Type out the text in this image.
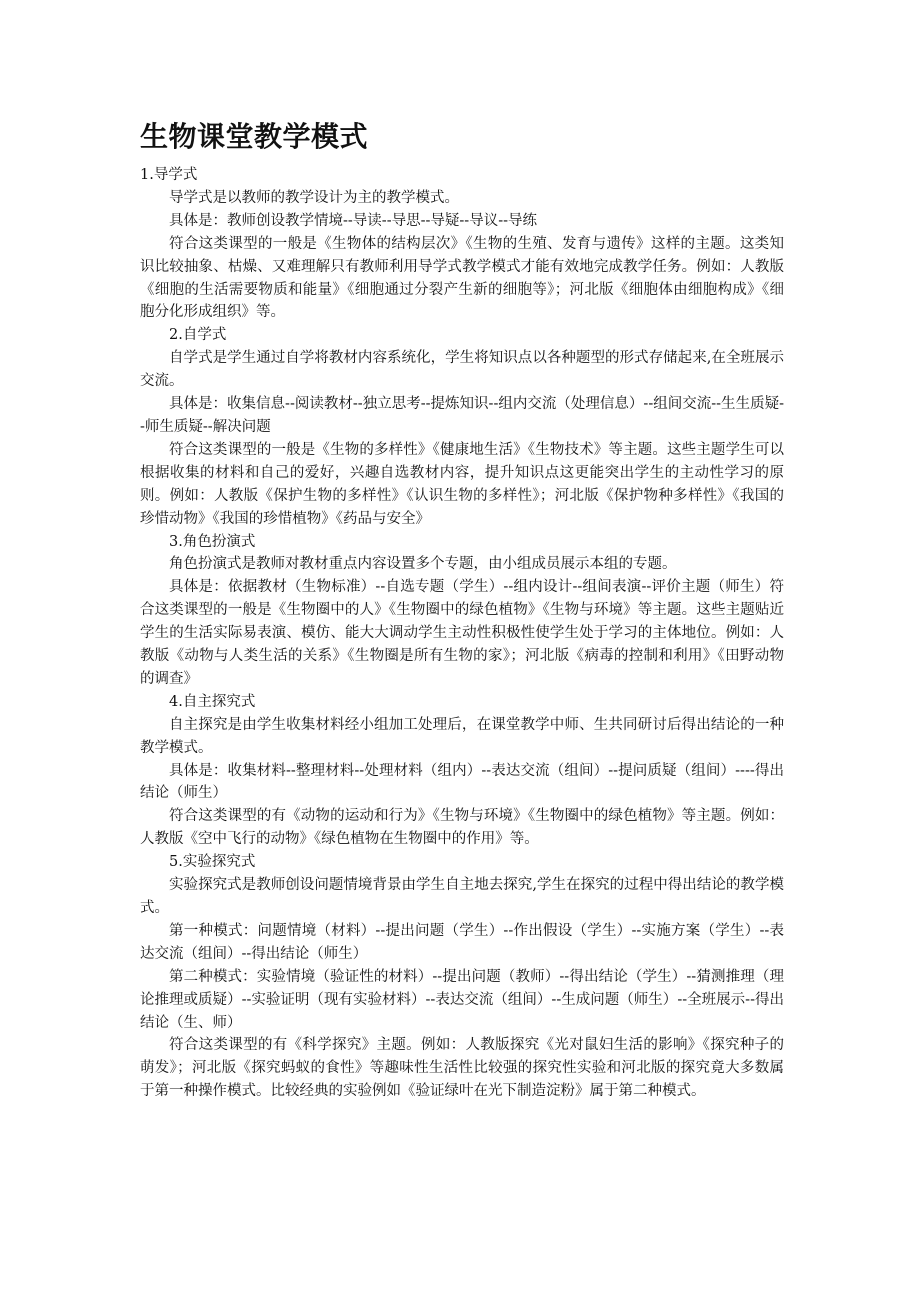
生物课堂教学模式

1.导学式

导学式是以教师的教学设计为主的教学模式。

具体是：教师创设教学情境--导读--导思--导疑--导议--导练

符合这类课型的一般是《生物体的结构层次》《生物的生殖、发育与遗传》这样的主题。这类知识比较抽象、枯燥、又难理解只有教师利用导学式教学模式才能有效地完成教学任务。例如：人教版《细胞的生活需要物质和能量》《细胞通过分裂产生新的细胞等》；河北版《细胞体由细胞构成》《细胞分化形成组织》等。

2.自学式

自学式是学生通过自学将教材内容系统化，学生将知识点以各种题型的形式存储起来,在全班展示交流。

具体是：收集信息--阅读教材--独立思考--提炼知识--组内交流（处理信息）--组间交流--生生质疑--师生质疑--解决问题

符合这类课型的一般是《生物的多样性》《健康地生活》《生物技术》等主题。这些主题学生可以根据收集的材料和自己的爱好，兴趣自选教材内容，提升知识点这更能突出学生的主动性学习的原则。例如：人教版《保护生物的多样性》《认识生物的多样性》；河北版《保护物种多样性》《我国的珍惜动物》《我国的珍惜植物》《药品与安全》

3.角色扮演式

角色扮演式是教师对教材重点内容设置多个专题，由小组成员展示本组的专题。

具体是：依据教材（生物标准）--自选专题（学生）--组内设计--组间表演--评价主题（师生）符合这类课型的一般是《生物圈中的人》《生物圈中的绿色植物》《生物与环境》等主题。这些主题贴近学生的生活实际易表演、模仿、能大大调动学生主动性积极性使学生处于学习的主体地位。例如：人教版《动物与人类生活的关系》《生物圈是所有生物的家》；河北版《病毒的控制和利用》《田野动物的调查》

4.自主探究式

自主探究是由学生收集材料经小组加工处理后，在课堂教学中师、生共同研讨后得出结论的一种教学模式。

具体是：收集材料--整理材料--处理材料（组内）--表达交流（组间）--提问质疑（组间）----得出结论（师生）

符合这类课型的有《动物的运动和行为》《生物与环境》《生物圈中的绿色植物》等主题。例如：人教版《空中飞行的动物》《绿色植物在生物圈中的作用》等。

5.实验探究式

实验探究式是教师创设问题情境背景由学生自主地去探究,学生在探究的过程中得出结论的教学模式。

第一种模式：问题情境（材料）--提出问题（学生）--作出假设（学生）--实施方案（学生）--表达交流（组间）--得出结论（师生）

第二种模式：实验情境（验证性的材料）--提出问题（教师）--得出结论（学生）--猜测推理（理论推理或质疑）--实验证明（现有实验材料）--表达交流（组间）--生成问题（师生）--全班展示--得出结论（生、师）

符合这类课型的有《科学探究》主题。例如：人教版探究《光对鼠妇生活的影响》《探究种子的萌发》；河北版《探究蚂蚁的食性》等趣味性生活性比较强的探究性实验和河北版的探究竟大多数属于第一种操作模式。比较经典的实验例如《验证绿叶在光下制造淀粉》属于第二种模式。
